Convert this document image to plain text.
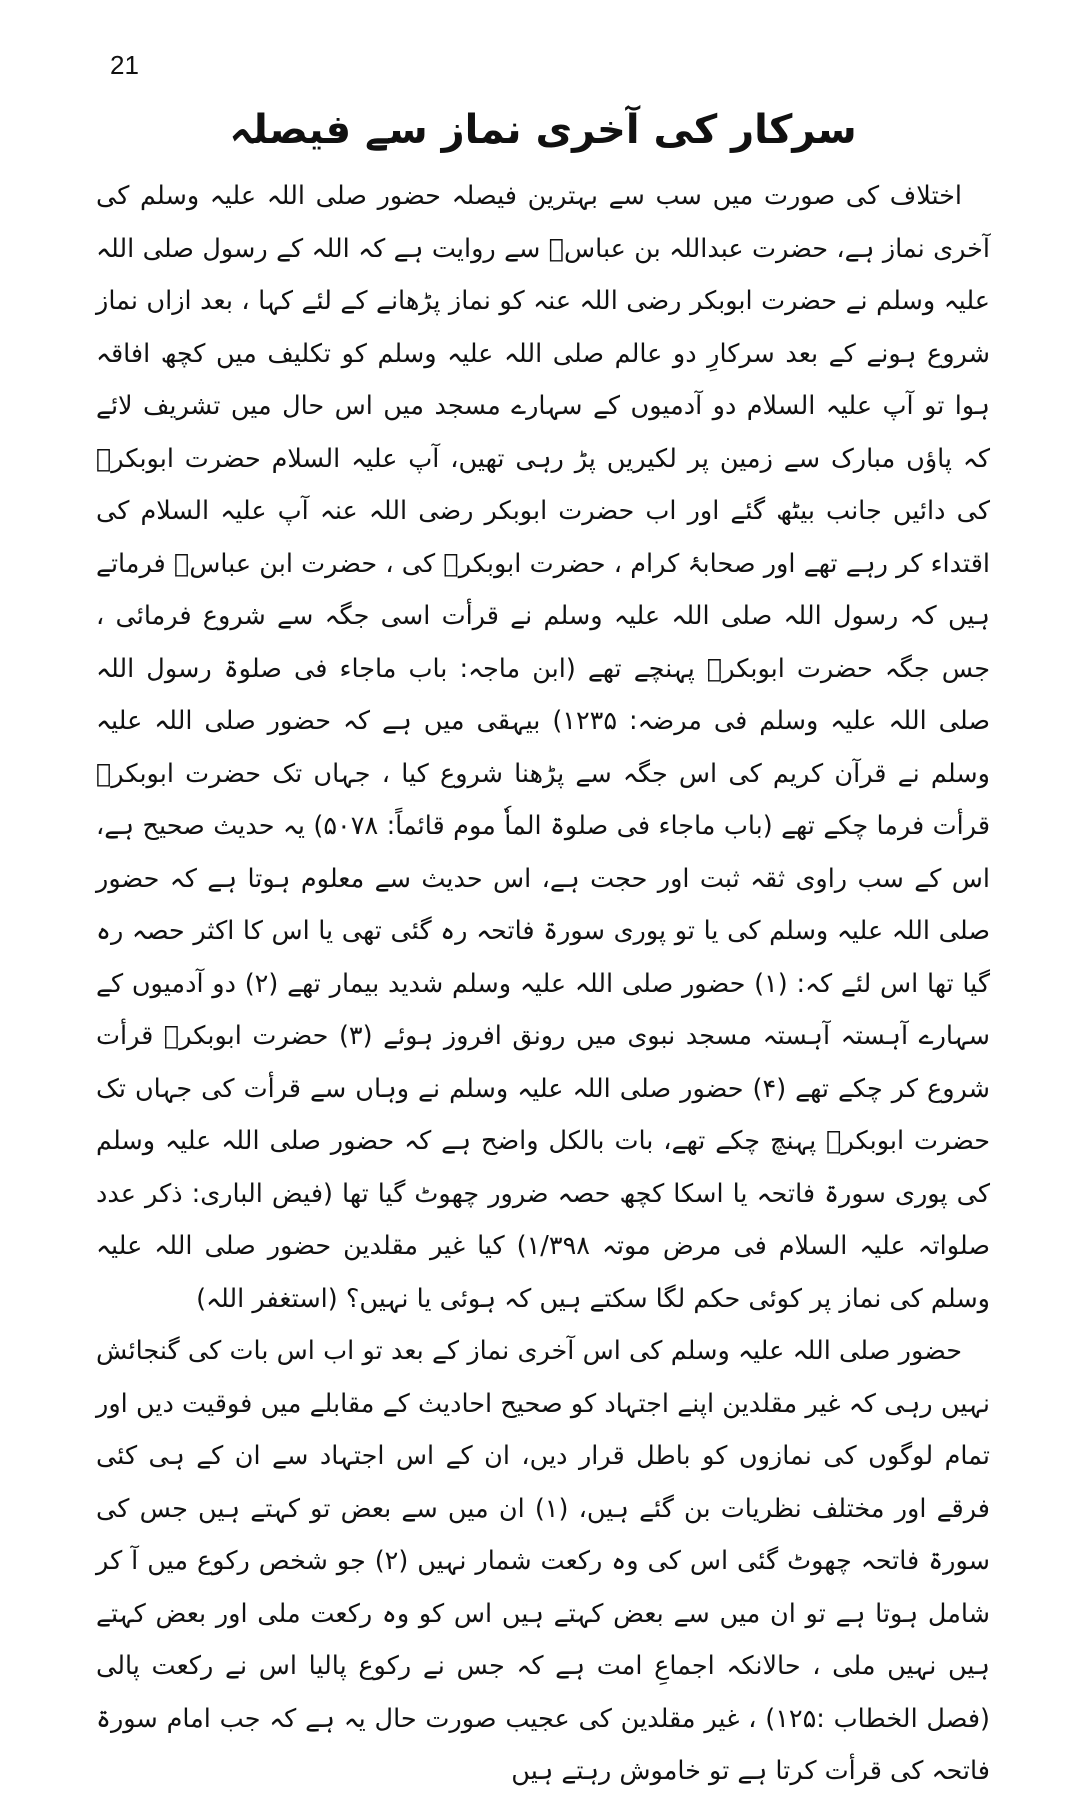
21
سرکار کی آخری نماز سے فیصلہ

اختلاف کی صورت میں سب سے بہترین فیصلہ حضور صلی اللہ علیہ وسلم کی آخری نماز ہے، حضرت عبداللہ بن عباسؓ سے روایت ہے کہ اللہ کے رسول صلی اللہ علیہ وسلم نے حضرت ابوبکر رضی اللہ عنہ کو نماز پڑھانے کے لئے کہا ، بعد ازاں نماز شروع ہونے کے بعد سرکارِ دو عالم صلی اللہ علیہ وسلم کو تکلیف میں کچھ افاقہ ہوا تو آپ علیہ السلام دو آدمیوں کے سہارے مسجد میں اس حال میں تشریف لائے کہ پاؤں مبارک سے زمین پر لکیریں پڑ رہی تھیں، آپ علیہ السلام حضرت ابوبکرؓ کی دائیں جانب بیٹھ گئے اور اب حضرت ابوبکر رضی اللہ عنہ آپ علیہ السلام کی اقتداء کر رہے تھے اور صحابۂ کرام ، حضرت ابوبکرؓ کی ، حضرت ابن عباسؓ فرماتے ہیں کہ رسول اللہ صلی اللہ علیہ وسلم نے قرأت اسی جگہ سے شروع فرمائی ، جس جگہ حضرت ابوبکرؓ پہنچے تھے (ابن ماجہ: باب ماجاء فی صلوۃ رسول اللہ صلی اللہ علیہ وسلم فی مرضہ: ۱۲۳۵) بیہقی میں ہے کہ حضور صلی اللہ علیہ وسلم نے قرآن کریم کی اس جگہ سے پڑھنا شروع کیا ، جہاں تک حضرت ابوبکرؓ قرأت فرما چکے تھے (باب ماجاء فی صلوۃ الماٗ موم قائماً: ۵۰۷۸) یہ حدیث صحیح ہے، اس کے سب راوی ثقہ ثبت اور حجت ہے، اس حدیث سے معلوم ہوتا ہے کہ حضور صلی اللہ علیہ وسلم کی یا تو پوری سورۃ فاتحہ رہ گئی تھی یا اس کا اکثر حصہ رہ گیا تھا اس لئے کہ: (۱) حضور صلی اللہ علیہ وسلم شدید بیمار تھے (۲) دو آدمیوں کے سہارے آہستہ آہستہ مسجد نبوی میں رونق افروز ہوئے (۳) حضرت ابوبکرؓ قرأت شروع کر چکے تھے (۴) حضور صلی اللہ علیہ وسلم نے وہاں سے قرأت کی جہاں تک حضرت ابوبکرؓ پہنچ چکے تھے، بات بالکل واضح ہے کہ حضور صلی اللہ علیہ وسلم کی پوری سورۃ فاتحہ یا اسکا کچھ حصہ ضرور چھوٹ گیا تھا (فیض الباری: ذکر عدد صلواتہ علیہ السلام فی مرض موتہ ۱/۳۹۸) کیا غیر مقلدین حضور صلی اللہ علیہ وسلم کی نماز پر کوئی حکم لگا سکتے ہیں کہ ہوئی یا نہیں؟ (استغفر اللہ)

حضور صلی اللہ علیہ وسلم کی اس آخری نماز کے بعد تو اب اس بات کی گنجائش نہیں رہی کہ غیر مقلدین اپنے اجتہاد کو صحیح احادیث کے مقابلے میں فوقیت دیں اور تمام لوگوں کی نمازوں کو باطل قرار دیں، ان کے اس اجتہاد سے ان کے ہی کئی فرقے اور مختلف نظریات بن گئے ہیں، (۱) ان میں سے بعض تو کہتے ہیں جس کی سورۃ فاتحہ چھوٹ گئی اس کی وہ رکعت شمار نہیں (۲) جو شخص رکوع میں آ کر شامل ہوتا ہے تو ان میں سے بعض کہتے ہیں اس کو وہ رکعت ملی اور بعض کہتے ہیں نہیں ملی ، حالانکہ اجماعِ امت ہے کہ جس نے رکوع پالیا اس نے رکعت پالی (فصل الخطاب :۱۲۵) ، غیر مقلدین کی عجیب صورت حال یہ ہے کہ جب امام سورۃ فاتحہ کی قرأت کرتا ہے تو خاموش رہتے ہیں
